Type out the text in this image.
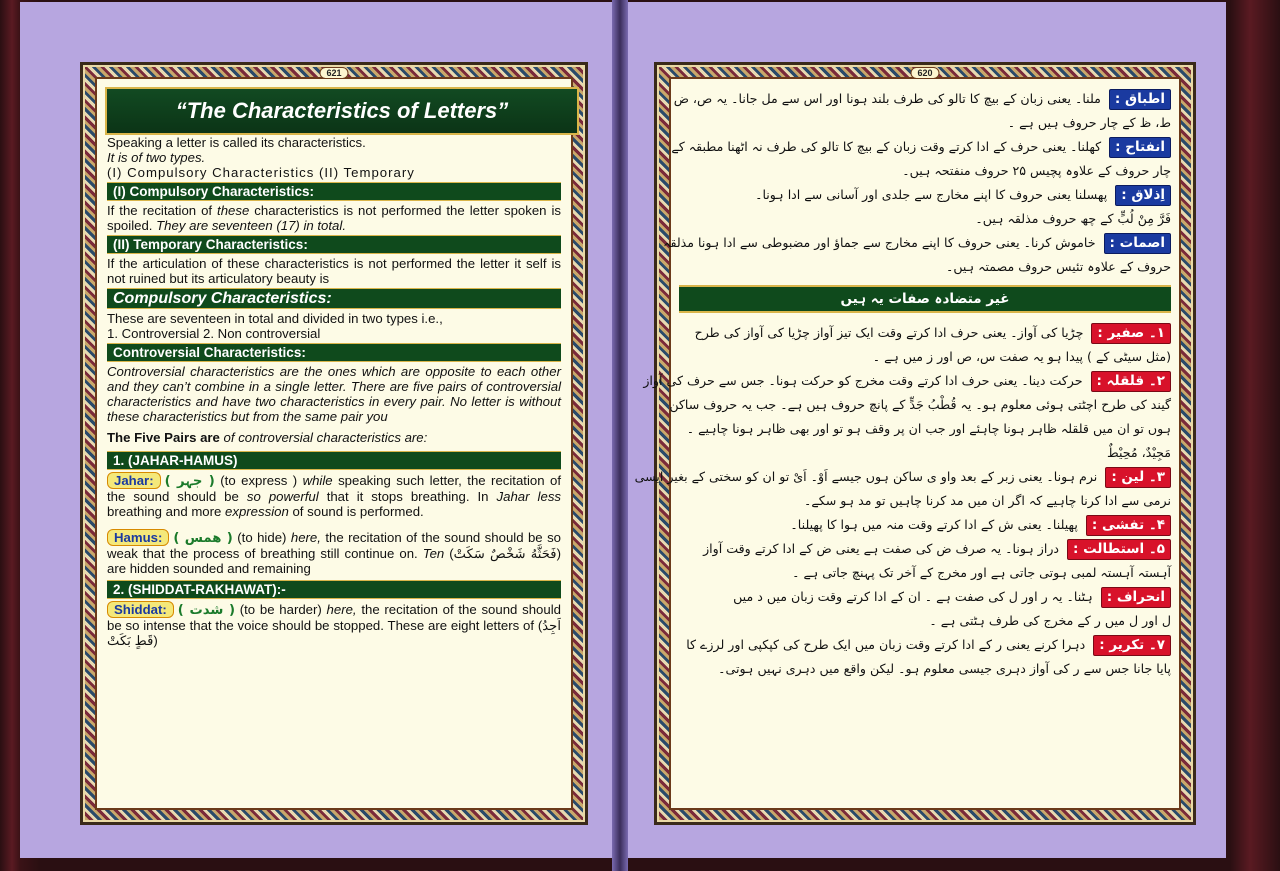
621
“The Characteristics of Letters”

Speaking a letter is called its characteristics.

It is of two types.

(I) Compulsory Characteristics (II) Temporary

(I) Compulsory Characteristics:

If the recitation of these characteristics is not performed the letter spoken is spoiled. They are seventeen (17) in total.

(II) Temporary Characteristics:

If the articulation of these characteristics is not performed the letter it self is not ruined but its articulatory beauty is

Compulsory Characteristics:

These are seventeen in total and divided in two types i.e.,

1. Controversial 2. Non controversial

Controversial Characteristics:

Controversial characteristics are the ones which are opposite to each other and they can’t combine in a single letter. There are five pairs of controversial characteristics and have two characteristics in every pair. No letter is without these characteristics but from the same pair you

The Five Pairs are of controversial characteristics are:

1. (JAHAR-HAMUS)

Jahar: ( جہر ) (to express ) while speaking such letter, the recitation of the sound should be so powerful that it stops breathing. In Jahar less breathing and more expression of sound is performed.

Hamus: ( همس ) (to hide) here, the recitation of the sound should be so weak that the process of breathing still continue on. Ten (فَحَثَّهُ شَخْصٌ سَكَتْ) are hidden sounded and remaining

2. (SHIDDAT-RAKHAWAT):-

Shiddat: ( شدت ) (to be harder) here, the recitation of the sound should be so intense that the voice should be stopped. These are eight letters of (اَجِدُ قَطٍ بَكَتْ)

620
اطباق : ملنا۔ یعنی زبان کے بیچ کا تالو کی طرف بلند ہونا اور اس سے مل جانا۔ یہ ص، ض
ط، ظ کے چار حروف ہیں ہے ۔
انفتاح : کھلنا۔ یعنی حرف کے ادا کرتے وقت زبان کے بیچ کا تالو کی طرف نہ اٹھنا مطبقہ کے
چار حروف کے علاوہ پچیس ۲۵ حروف منفتحہ ہیں۔
اِذلاق : پھسلنا یعنی حروف کا اپنے مخارج سے جلدی اور آسانی سے ادا ہونا۔
فَرَّ مِنْ لُبٍّ کے چھ حروف مذلقہ ہیں۔
اصمات : خاموش کرنا۔ یعنی حروف کا اپنے مخارج سے جماؤ اور مضبوطی سے ادا ہونا مذلقہ
حروف کے علاوہ تئیس حروف مصمتہ ہیں۔
غیر متضادہ صفات یہ ہیں
۱۔ صفیر : چڑیا کی آواز۔ یعنی حرف ادا کرتے وقت ایک تیز آواز چڑیا کی آواز کی طرح
(مثل سیٹی کے ) پیدا ہو یہ صفت س، ص اور ز میں ہے ۔
۲۔ قلقلہ : حرکت دینا۔ یعنی حرف ادا کرتے وقت مخرج کو حرکت ہونا۔ جس سے حرف کی آواز
گیند کی طرح اچٹتی ہوئی معلوم ہو۔ یہ قُطْبُ جَدٍّ کے پانچ حروف ہیں ہے۔ جب یہ حروف ساکن
ہوں تو ان میں قلقلہ ظاہر ہونا چاہئے اور جب ان پر وقف ہو تو اور بھی ظاہر ہونا چاہیے ۔
مَجِيْدٌ، مُحِيْطٌ
۳۔ لین : نرم ہونا۔ یعنی زبر کے بعد واو ی ساکن ہوں جیسے اَوْ۔ اَیْ تو ان کو سختی کے بغیر ایسی
نرمی سے ادا کرنا چاہیے کہ اگر ان میں مد کرنا چاہیں تو مد ہو سکے۔
۴۔ تفشی : پھیلنا۔ یعنی ش کے ادا کرتے وقت منہ میں ہوا کا پھیلنا۔
۵۔ استطالت : دراز ہونا۔ یہ صرف ض کی صفت ہے یعنی ض کے ادا کرتے وقت آواز
آہستہ آہستہ لمبی ہوتی جاتی ہے اور مخرج کے آخر تک پہنچ جاتی ہے ۔
انحراف : ہٹنا۔ یہ ر اور ل کی صفت ہے ۔ ان کے ادا کرتے وقت زبان میں د میں
ل اور ل میں ر کے مخرج کی طرف ہٹتی ہے ۔
۷۔ تکریر : دہرا کرنے یعنی ر کے ادا کرتے وقت زبان میں ایک طرح کی کپکپی اور لرزے کا
پایا جانا جس سے ر کی آواز دہری جیسی معلوم ہو۔ لیکن واقع میں دہری نہیں ہوتی۔
